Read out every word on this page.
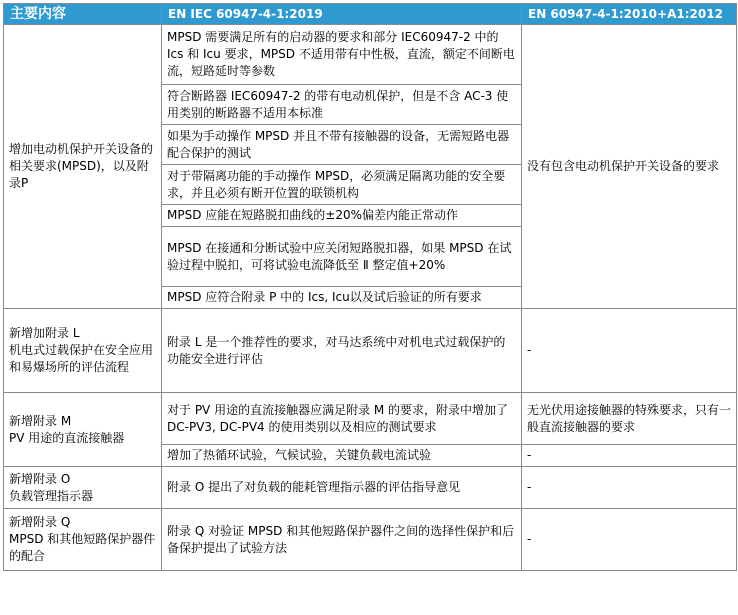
主要内容	EN IEC 60947-4-1:2019	EN 60947-4-1:2010+A1:2012
增加电动机保护开关设备的相关要求(MPSD)，以及附录P	MPSD 需要满足所有的启动器的要求和部分 IEC60947-2 中的 Ics 和 Icu 要求，MPSD 不适用带有中性极，直流，额定不间断电流，短路延时等参数	没有包含电动机保护开关设备的要求
	符合断路器 IEC60947-2 的带有电动机保护，但是不含 AC-3 使用类别的断路器不适用本标准	
	如果为手动操作 MPSD 并且不带有接触器的设备，无需短路电器配合保护的测试	
	对于带隔离功能的手动操作 MPSD，必须满足隔离功能的安全要求，并且必须有断开位置的联锁机构	
	MPSD 应能在短路脱扣曲线的±20%偏差内能正常动作	
	MPSD 在接通和分断试验中应关闭短路脱扣器，如果 MPSD 在试验过程中脱扣，可将试验电流降低至 Ⅱ 整定值+20%	
	MPSD 应符合附录 P 中的 Ics, Icu以及试后验证的所有要求	
新增加附录 L
机电式过载保护在安全应用和易爆场所的评估流程	附录 L 是一个推荐性的要求，对马达系统中对机电式过载保护的功能安全进行评估	-
新增附录 M
PV 用途的直流接触器	对于 PV 用途的直流接触器应满足附录 M 的要求，附录中增加了 DC-PV3, DC-PV4 的使用类别以及相应的测试要求	无光伏用途接触器的特殊要求，只有一般直流接触器的要求
	增加了热循环试验，气候试验，关键负载电流试验	-
新增附录 O
负载管理指示器	附录 O 提出了对负载的能耗管理指示器的评估指导意见	-
新增附录 Q
MPSD 和其他短路保护器件的配合	附录 Q 对验证 MPSD 和其他短路保护器件之间的选择性保护和后备保护提出了试验方法	-
